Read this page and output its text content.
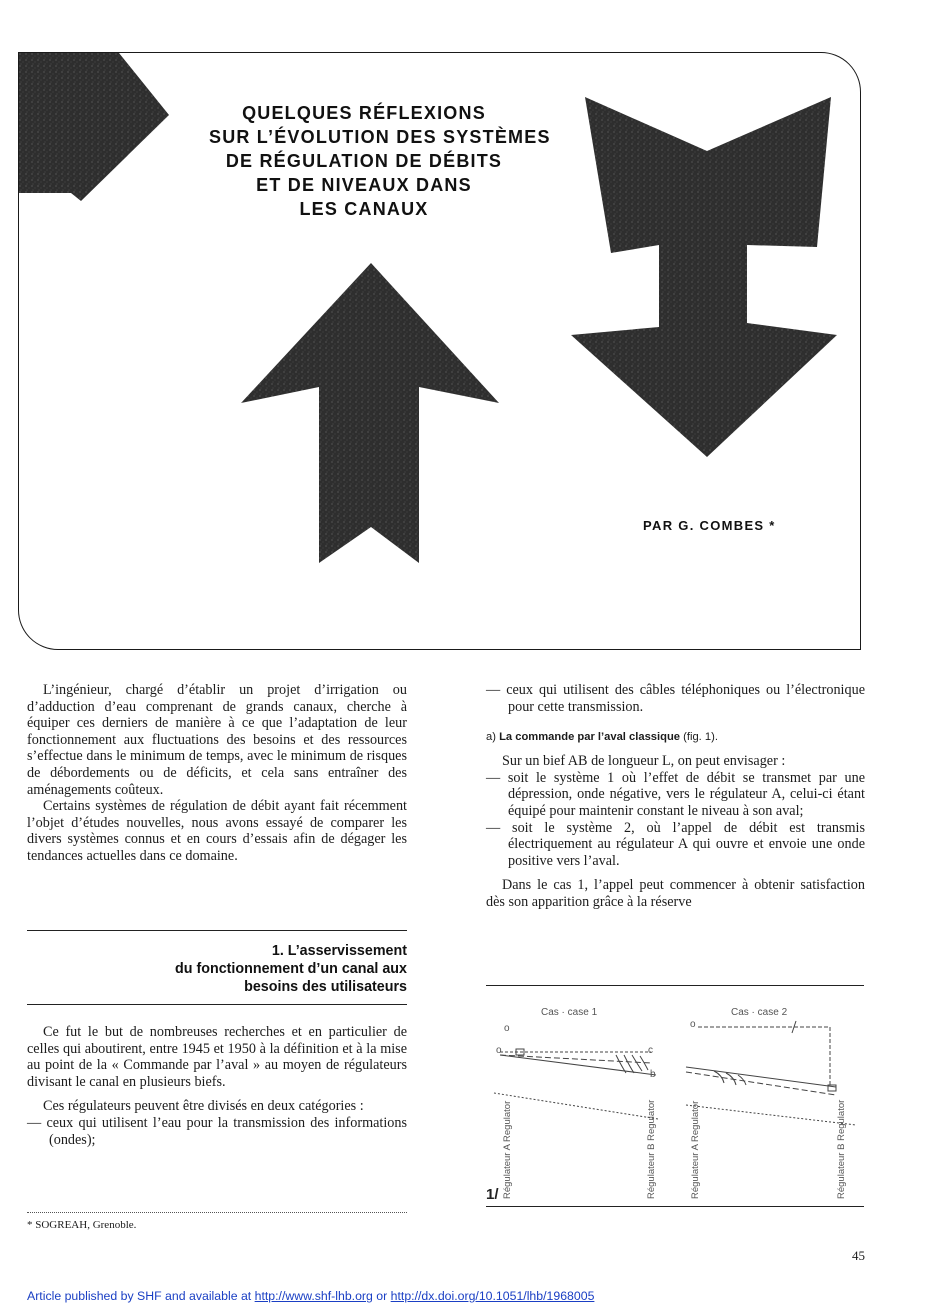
QUELQUES RÉFLEXIONS
SUR L’ÉVOLUTION DES SYSTÈMES
DE RÉGULATION DE DÉBITS
ET DE NIVEAUX DANS
LES CANAUX
PAR G. COMBES *

L’ingénieur, chargé d’établir un projet d’irrigation ou d’adduction d’eau comprenant de grands canaux, cherche à équiper ces derniers de manière à ce que l’adaptation de leur fonctionnement aux fluctuations des besoins et des ressources s’effectue dans le minimum de temps, avec le minimum de risques de débordements ou de déficits, et cela sans entraîner des aménagements coûteux.

Certains systèmes de régulation de débit ayant fait récemment l’objet d’études nouvelles, nous avons essayé de comparer les divers systèmes connus et en cours d’essais afin de dégager les tendances actuelles dans ce domaine.

1. L’asservissement
du fonctionnement d’un canal aux
besoins des utilisateurs

Ce fut le but de nombreuses recherches et en particulier de celles qui aboutirent, entre 1945 et 1950 à la définition et à la mise au point de la « Commande par l’aval » au moyen de régulateurs divisant le canal en plusieurs biefs.

Ces régulateurs peuvent être divisés en deux catégories :

— ceux qui utilisent l’eau pour la transmission des informations (ondes);

* SOGREAH, Grenoble.

— ceux qui utilisent des câbles téléphoniques ou l’électronique pour cette transmission.

a) La commande par l’aval classique (fig. 1).

Sur un bief AB de longueur L, on peut envisager :

— soit le système 1 où l’effet de débit se transmet par une dépression, onde négative, vers le régulateur A, celui-ci étant équipé pour maintenir constant le niveau à son aval;

— soit le système 2, où l’appel de débit est transmis électriquement au régulateur A qui ouvre et envoie une onde positive vers l’aval.

Dans le cas 1, l’appel peut commencer à obtenir satisfaction dès son apparition grâce à la réserve

Cas · case 1	Cas · case 2
o
o	c
b
o
Régulateur A Regulator	Régulateur B Regulator	Régulateur A Regulator	Régulateur B Regulator
1/
45
Article published by SHF and available at http://www.shf-lhb.org or http://dx.doi.org/10.1051/lhb/1968005
